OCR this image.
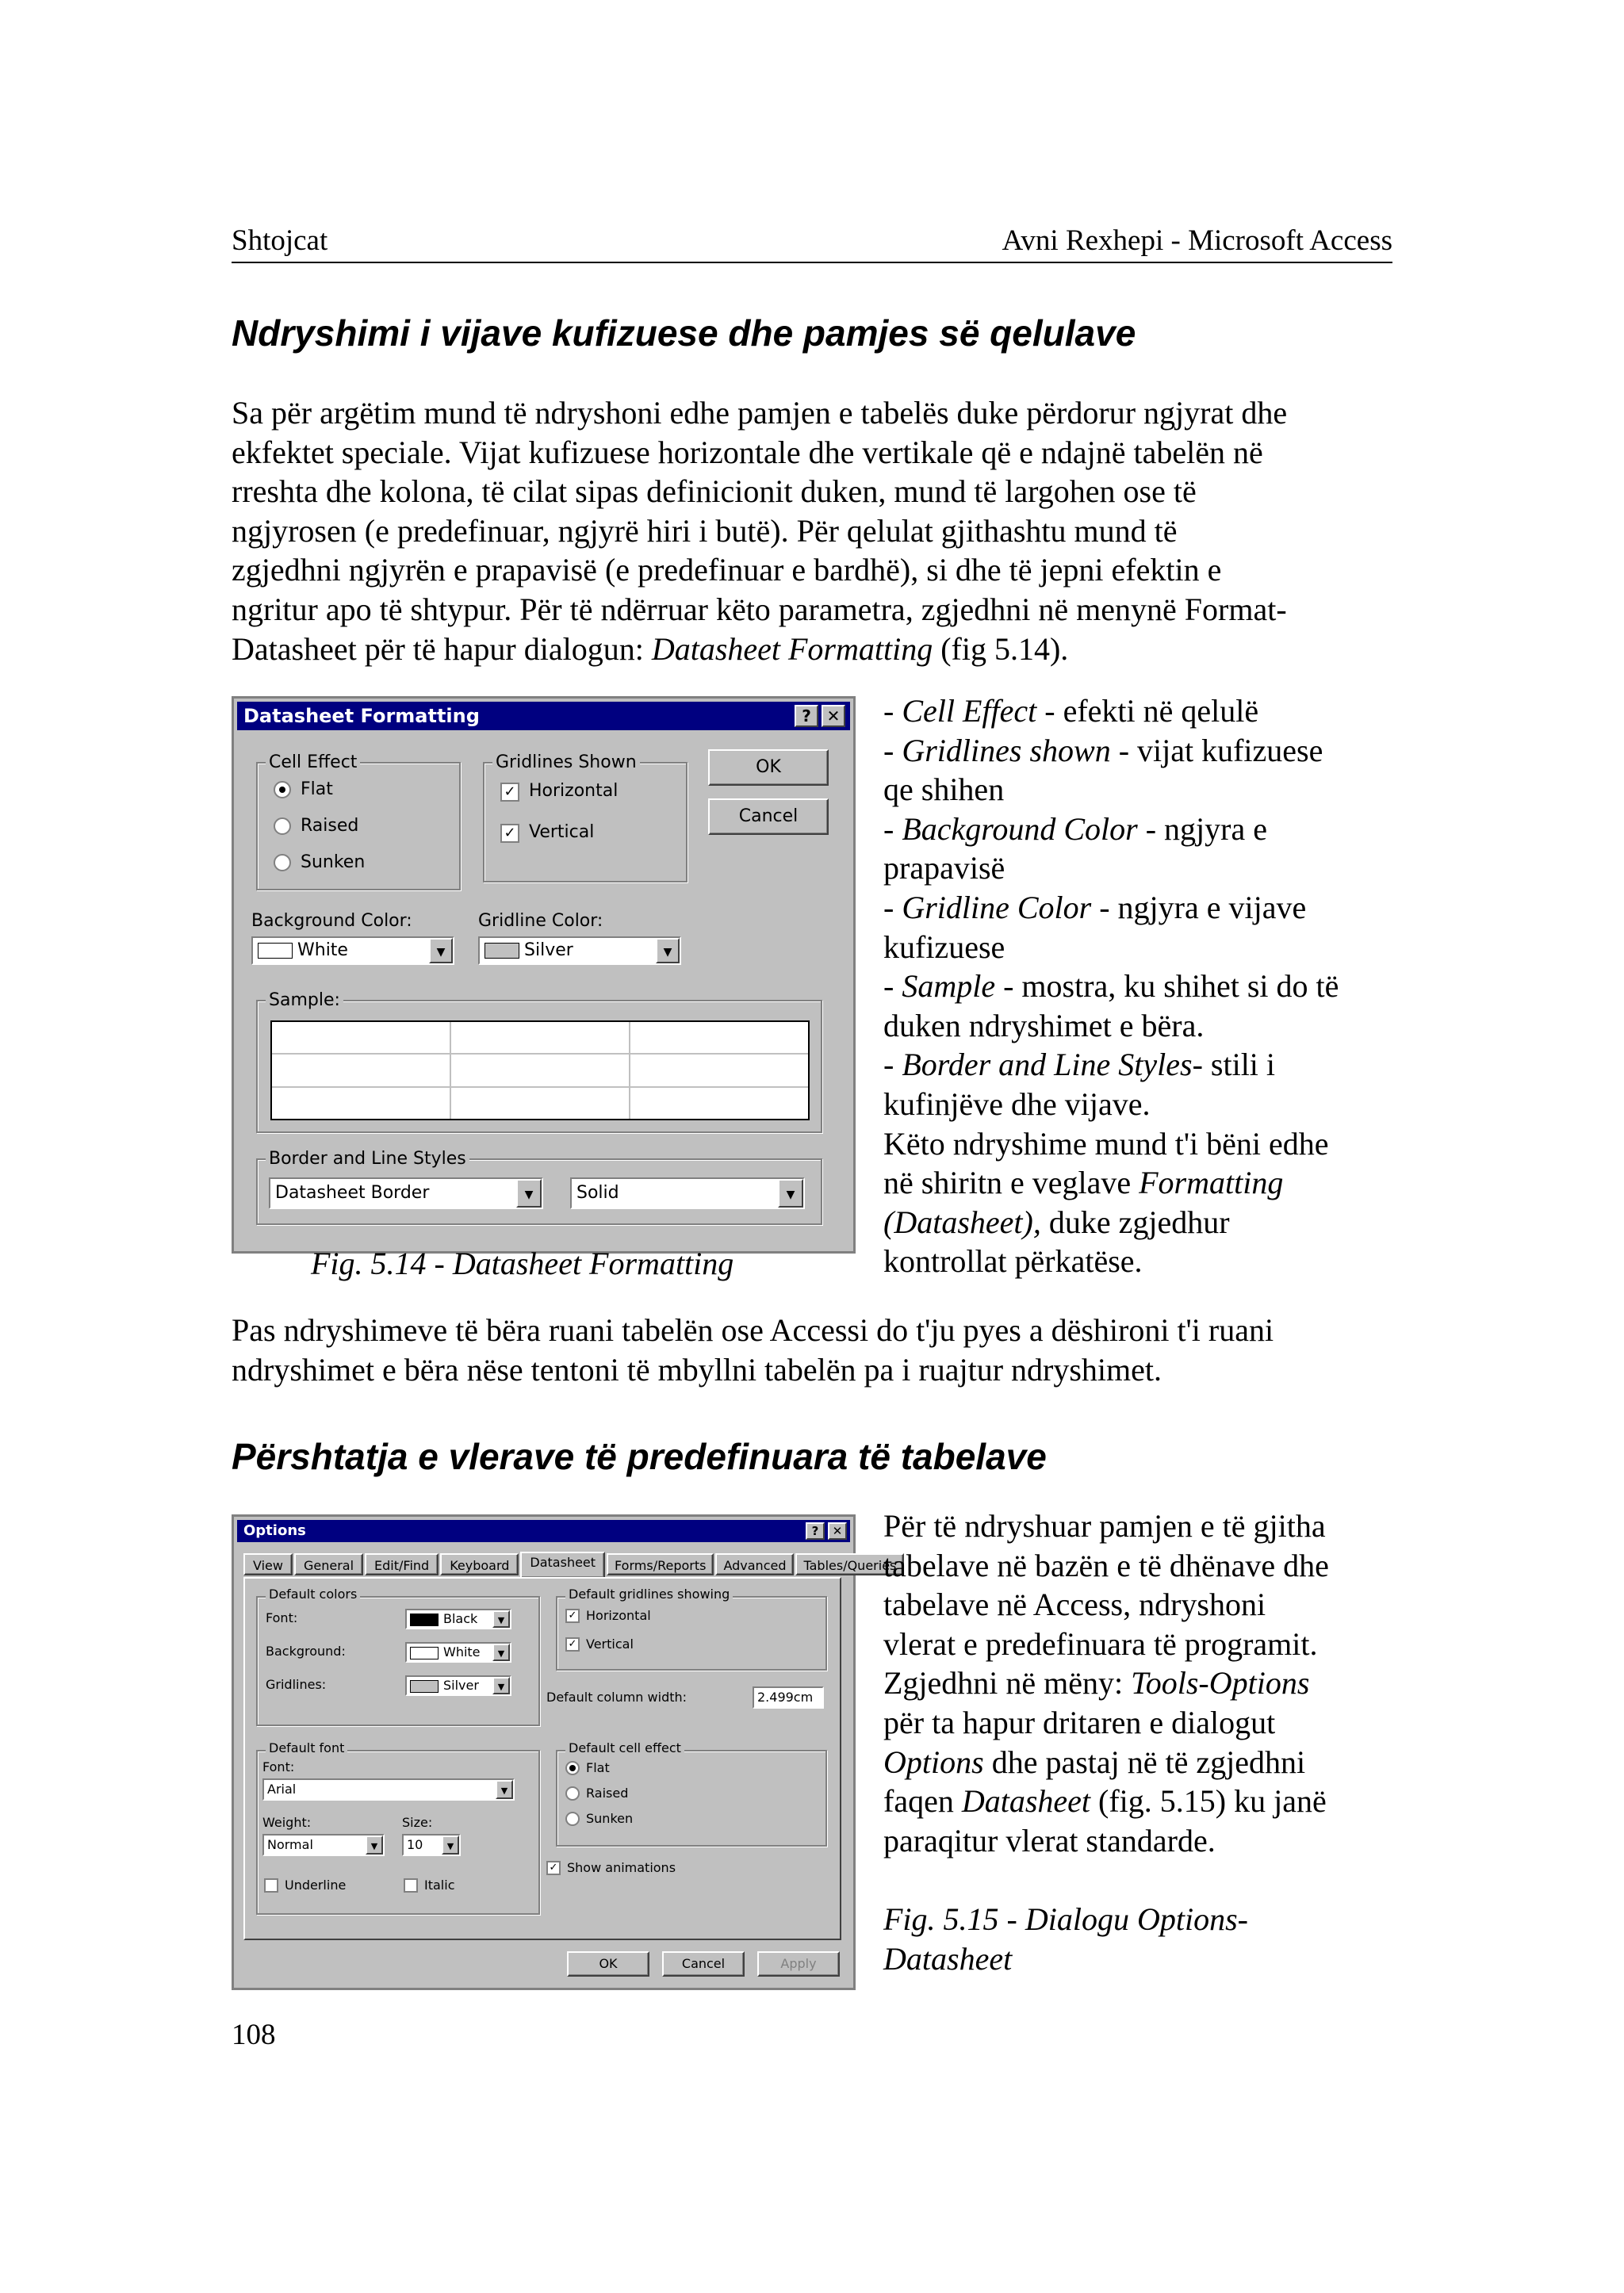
Shtojcat	Avni Rexhepi - Microsoft Access
Ndryshimi i vijave kufizuese dhe pamjes së qelulave
Sa për argëtim mund të ndryshoni edhe pamjen e tabelës duke përdorur ngjyrat dhe
ekfektet speciale. Vijat kufizuese horizontale dhe vertikale që e ndajnë tabelën në
rreshta dhe kolona, të cilat sipas definicionit duken, mund të largohen ose të
ngjyrosen (e predefinuar, ngjyrë hiri i butë). Për qelulat gjithashtu mund të
zgjedhni ngjyrën e prapavisë (e predefinuar e bardhë), si dhe të jepni efektin e
ngritur apo të shtypur. Për të ndërruar këto parametra, zgjedhni në menynë Format-
Datasheet për të hapur dialogun: Datasheet Formatting (fig 5.14).
Datasheet Formatting	? ✕
Cell Effect
Flat
Raised
Sunken
Gridlines Shown
✓ Horizontal
✓ Vertical
OK
Cancel
Background Color:
White	▼
Gridline Color:
Silver	▼
Sample:
Border and Line Styles
Datasheet Border	▼	Solid	▼
Fig. 5.14 - Datasheet Formatting
- Cell Effect - efekti në qelulë
- Gridlines shown - vijat kufizuese
qe shihen
- Background Color - ngjyra e
prapavisë
- Gridline Color - ngjyra e vijave
kufizuese
- Sample - mostra, ku shihet si do të
duken ndryshimet e bëra.
- Border and Line Styles- stili i
kufinjëve dhe vijave.
Këto ndryshime mund t'i bëni edhe
në shiritn e veglave Formatting
(Datasheet), duke zgjedhur
kontrollat përkatëse.
Pas ndryshimeve të bëra ruani tabelën ose Accessi do t'ju pyes a dëshironi t'i ruani
ndryshimet e bëra nëse tentoni të mbyllni tabelën pa i ruajtur ndryshimet.
Përshtatja e vlerave të predefinuara të tabelave
Options	?	✕
View General Edit/Find Keyboard Datasheet Forms/Reports Advanced Tables/Queries
Default colors
Font:	Black	▼
Background:	White	▼
Gridlines:	Silver	▼
Default gridlines showing
✓ Horizontal
✓ Vertical
Default column width:	2.499cm
Default font
Font:
Arial	▼
Weight:
Normal	▼
Size:
10	▼
Underline	Italic
Default cell effect
Flat
Raised
Sunken
✓ Show animations
OK	Cancel	Apply
Për të ndryshuar pamjen e të gjitha
tabelave në bazën e të dhënave dhe
tabelave në Access, ndryshoni
vlerat e predefinuara të programit.
Zgjedhni në mëny: Tools-Options
për ta hapur dritaren e dialogut
Options dhe pastaj në të zgjedhni
faqen Datasheet (fig. 5.15) ku janë
paraqitur vlerat standarde.
Fig. 5.15 - Dialogu Options-
Datasheet
108
